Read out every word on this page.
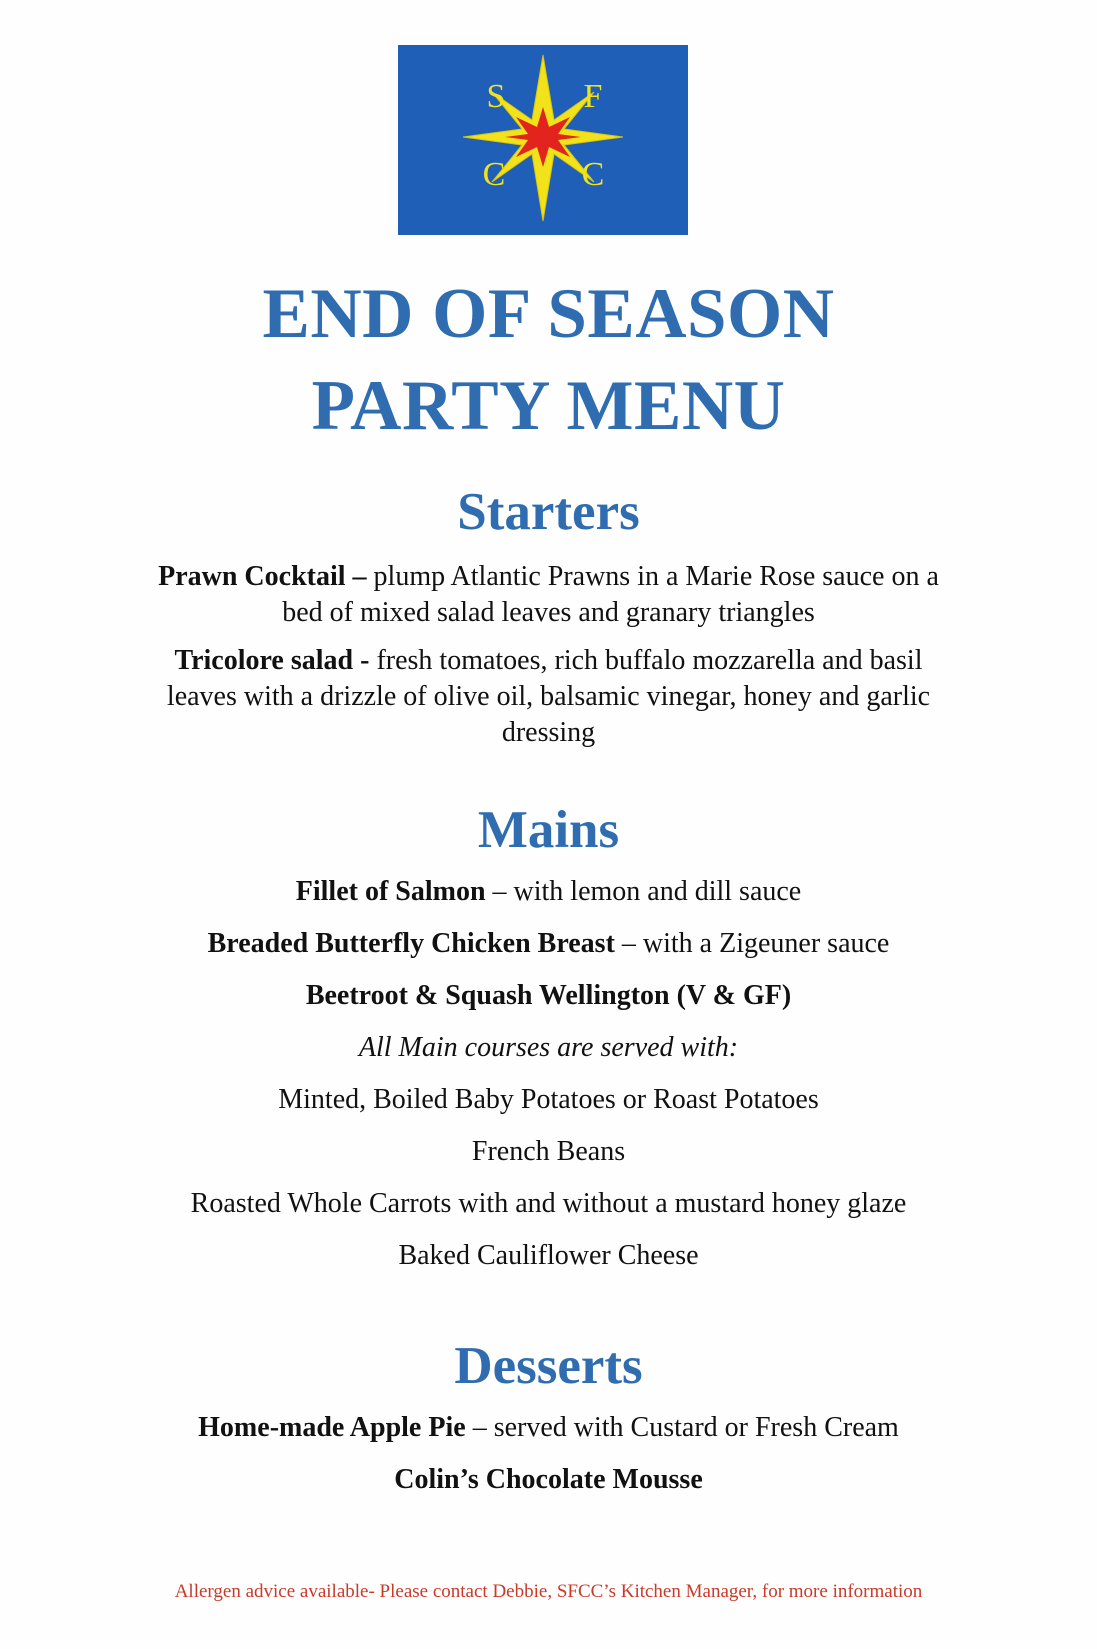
S F
C C
END OF SEASON
PARTY MENU
Starters
Prawn Cocktail – plump Atlantic Prawns in a Marie Rose sauce on a
bed of mixed salad leaves and granary triangles
Tricolore salad - fresh tomatoes, rich buffalo mozzarella and basil
leaves with a drizzle of olive oil, balsamic vinegar, honey and garlic
dressing
Mains
Fillet of Salmon – with lemon and dill sauce
Breaded Butterfly Chicken Breast – with a Zigeuner sauce
Beetroot & Squash Wellington (V & GF)
All Main courses are served with:
Minted, Boiled Baby Potatoes or Roast Potatoes
French Beans
Roasted Whole Carrots with and without a mustard honey glaze
Baked Cauliflower Cheese
Desserts
Home-made Apple Pie – served with Custard or Fresh Cream
Colin’s Chocolate Mousse
Allergen advice available- Please contact Debbie, SFCC’s Kitchen Manager, for more information
